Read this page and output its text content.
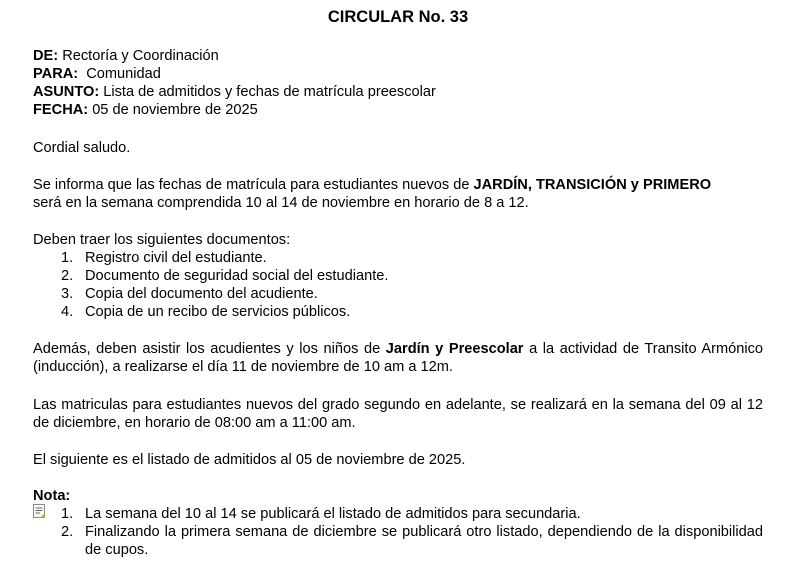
CIRCULAR No. 33
DE: Rectoría y Coordinación
PARA:  Comunidad
ASUNTO: Lista de admitidos y fechas de matrícula preescolar
FECHA: 05 de noviembre de 2025
Cordial saludo.
Se informa que las fechas de matrícula para estudiantes nuevos de JARDÍN, TRANSICIÓN y PRIMERO
será en la semana comprendida 10 al 14 de noviembre en horario de 8 a 12.
Deben traer los siguientes documentos:
1. Registro civil del estudiante.
2. Documento de seguridad social del estudiante.
3. Copia del documento del acudiente.
4. Copia de un recibo de servicios públicos.
Además, deben asistir los acudientes y los niños de Jardín y Preescolar a la actividad de Transito Armónico (inducción), a realizarse el día 11 de noviembre de 10 am a 12m.
Las matriculas para estudiantes nuevos del grado segundo en adelante, se realizará en la semana del 09 al 12 de diciembre, en horario de 08:00 am a 11:00 am.
El siguiente es el listado de admitidos al 05 de noviembre de 2025.
Nota:
1. La semana del 10 al 14 se publicará el listado de admitidos para secundaria.
2. Finalizando la primera semana de diciembre se publicará otro listado, dependiendo de la disponibilidad de cupos.
